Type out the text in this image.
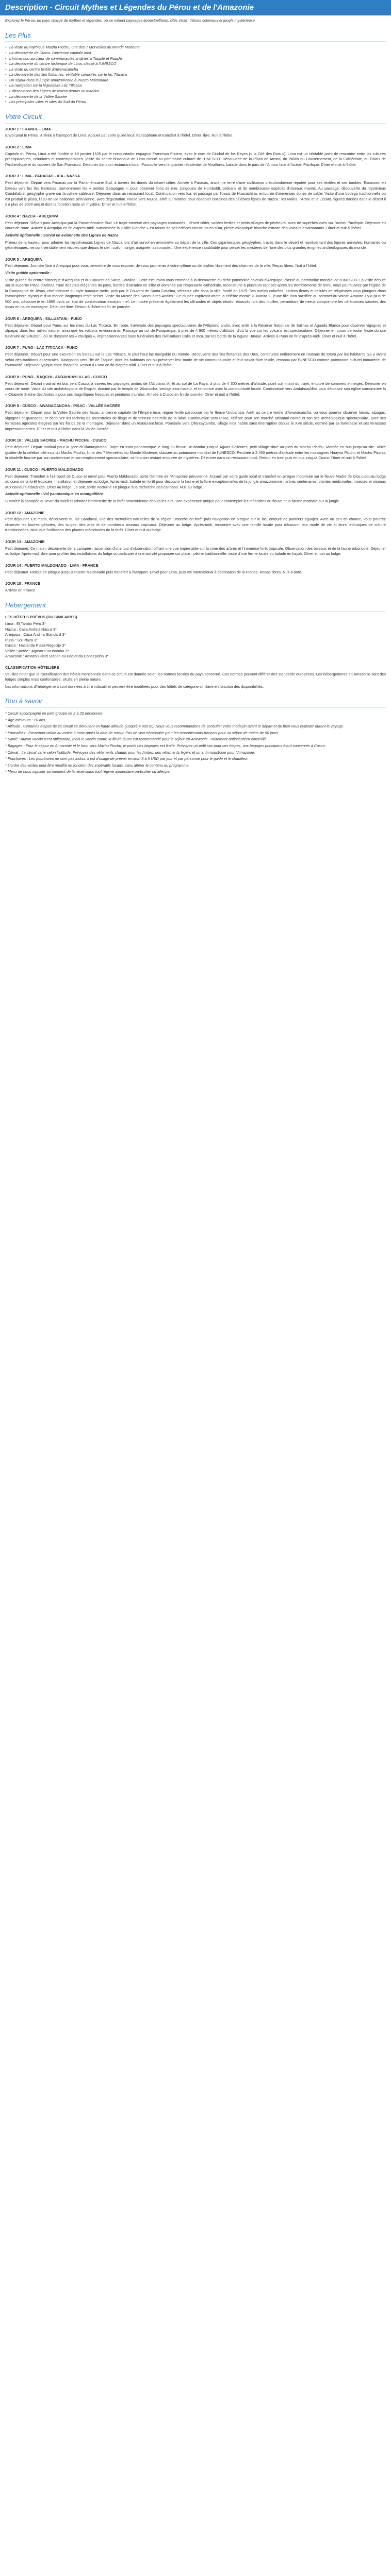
Description - Circuit Mythes et Légendes du Pérou et de l'Amazonie

Explorez le Pérou, un pays chargé de mythes et légendes, où se mêlent paysages époustouflants, cités incas, trésors coloniaux et jungle mystérieuse.

Les Plus
• La visite du mythique Machu Picchu, une des 7 Merveilles du Monde Moderne
• La découverte de Cusco, l'ancienne capitale inca
• L'immersion au cœur de communautés andines à Taquile et Raqchi
• La découverte du centre historique de Lima, classé à l'UNESCO
• La visite du centre textile d'Awanacancha
• La découverte des îles flottantes, véritable curiosités sur le lac Titicaca
• Un séjour dans la jungle amazonienne à Puerto Maldonado
• La navigation sur la légendaire Lac Titicaca
• L'observation des Lignes de Nazca depuis un mirador
• La découverte de la Vallée Sacrée
• Les principales villes et sites du Sud du Pérou
Votre Circuit
JOUR 1 : FRANCE - LIMA

Envol pour le Pérou. Arrivée à l'aéroport de Lima. Accueil par votre guide local francophone et transfert à l'hôtel. Dîner libre. Nuit à l'hôtel.

JOUR 2 : LIMA

Capitale du Pérou, Lima a été fondée le 18 janvier 1535 par le conquistador espagnol Francisco Pizarro, avec le nom de Ciudad de los Reyes (« la Cité des Rois »). Lima est un véritable point de rencontre entre les cultures préhispaniques, coloniales et contemporaines. Visite du centre historique de Lima classé au patrimoine culturel de l'UNESCO. Découverte de la Plaza de Armas, du Palais du Gouvernement, de la Cathédrale, du Palais de l'Archevêque et du couvent de San Francisco. Déjeuner dans un restaurant local. Poursuite vers le quartier résidentiel de Miraflores, balade dans le parc de l'Amour face à l'océan Pacifique. Dîner et nuit à l'hôtel.

JOUR 3 : LIMA - PARACAS - ICA - NAZCA

Petit déjeuner. Départ vers Paracas par la Panaméricaine Sud, à travers les dunes du désert côtier. Arrivée à Paracas, ancienne terre d'une civilisation précolombienne réputée pour ses textiles et ses tombes. Excursion en bateau vers les îles Ballestas, surnommées les « petites Galapagos », pour observer lions de mer, pingouins de Humboldt, pélicans et de nombreuses espèces d'oiseaux marins. Au passage, découverte du mystérieux Candélabre, géoglyphe gravé sur la colline sableuse. Déjeuner dans un restaurant local. Continuation vers Ica, et passage par l'oasis de Huacachina, entourée d'immenses dunes de sable. Visite d'une bodega traditionnelle où est produit le pisco, l'eau-de-vie nationale péruvienne, avec dégustation. Route vers Nazca, arrêt au mirador pour observer certaines des célèbres lignes de Nazca : les Mains, l'Arbre et le Lézard, figures tracées dans le désert il y a plus de 2000 ans et dont la fonction reste un mystère. Dîner et nuit à l'hôtel.

JOUR 4 : NAZCA - AREQUIPA

Petit déjeuner. Départ pour Arequipa par la Panaméricaine Sud. Le trajet traverse des paysages contrastés : désert côtier, vallées fertiles et petits villages de pêcheurs, avec de superbes vues sur l'océan Pacifique. Déjeuner en cours de route. Arrivée à Arequipa en fin d'après-midi, surnommée la « Ville Blanche » en raison de ses édifices construits en sillar, pierre volcanique blanche extraite des volcans environnants. Dîner et nuit à l'hôtel.

Activité optionnelle : Survol en avionnette des Lignes de Nazca

Prenez de la hauteur pour admirer les mystérieuses Lignes de Nazca lors d'un survol en avionnette au départ de la ville. Ces gigantesques géoglyphes, tracés dans le désert et représentant des figures animales, humaines ou géométriques, ne sont véritablement visibles que depuis le ciel : colibri, singe, araignée, astronaute... Une expérience inoubliable pour percer les mystères de l'une des plus grandes énigmes archéologiques du monde.

JOUR 5 : AREQUIPA

Petit déjeuner. Journée libre à Arequipa pour vous permettre de vous reposer, de vous promener à votre rythme ou de profiter librement des charmes de la ville. Repas libres. Nuit à l'hôtel.

Visite guidée optionnelle :

Visite guidée du centre historique d'Arequipa et du Couvent de Santa Catalina : Cette excursion vous emmène à la découverte du riche patrimoine colonial d'Arequipa, classé au patrimoine mondial de l'UNESCO. La visite débute sur la superbe Place d'Armes, l'une des plus élégantes du pays, bordée d'arcades en sillar et dominée par l'imposante cathédrale, reconstruite à plusieurs reprises après les tremblements de terre. Vous poursuivrez par l'église de la Compagnie de Jésus, chef-d'œuvre du style baroque métis, puis par le Couvent de Santa Catalina, véritable ville dans la ville, fondé en 1579. Ses ruelles colorées, cloîtres fleuris et cellules de religieuses vous plongent dans l'atmosphère mystique d'un monde longtemps resté secret. Visite du Musée des Sanctuaires Andins : Ce musée captivant abrite la célèbre momie « Juanita », jeune fille inca sacrifiée au sommet du volcan Ampato il y a plus de 500 ans, découverte en 1995 dans un état de conservation exceptionnel. Le musée présente également les offrandes et objets rituels retrouvés lors des fouilles, permettant de mieux comprendre les cérémonies sacrées des Incas en haute montagne. Déjeuner libre. Retour à l'hôtel en fin de journée.

JOUR 6 : AREQUIPA - SILLUSTANI - PUNO

Petit déjeuner. Départ pour Puno, sur les rives du Lac Titicaca. En route, traversée des paysages spectaculaires de l'Altiplano andin, avec arrêt à la Réserve Nationale de Salinas et Aguada Blanca pour observer vigognes et alpagas dans leur milieu naturel, ainsi que les volcans environnants. Passage au col de Patapampa, à près de 4 900 mètres d'altitude, d'où la vue sur les volcans est spectaculaire. Déjeuner en cours de route. Visite du site funéraire de Sillustani, où se dressent les « chullpas », impressionnantes tours funéraires des civilisations Colla et Inca, sur les bords de la lagune Umayo. Arrivée à Puno en fin d'après-midi. Dîner et nuit à l'hôtel.

JOUR 7 : PUNO - LAC TITICACA - PUNO

Petit déjeuner. Départ pour une excursion en bateau sur le Lac Titicaca, le plus haut lac navigable du monde. Découverte des îles flottantes des Uros, construites entièrement en roseaux de totora par les habitants qui y vivent selon des traditions ancestrales. Navigation vers l'île de Taquile, dont les habitants ont su préserver leur mode de vie communautaire et leur savoir-faire textile, reconnu par l'UNESCO comme patrimoine culturel immatériel de l'humanité. Déjeuner typique chez l'habitant. Retour à Puno en fin d'après-midi. Dîner et nuit à l'hôtel.

JOUR 8 : PUNO - RAQCHI - ANDAHUAYLILLAS - CUSCO

Petit déjeuner. Départ matinal en bus vers Cusco, à travers les paysages andins de l'Altiplano. Arrêt au col de La Raya, à plus de 4 300 mètres d'altitude, point culminant du trajet, entouré de sommets enneigés. Déjeuner en cours de route. Visite du site archéologique de Raqchi, dominé par le temple de Wiracocha, vestige inca majeur, et rencontre avec la communauté locale. Continuation vers Andahuaylillas pour découvrir son église surnommée la « Chapelle Sixtine des Andes » pour ses magnifiques fresques et peintures murales. Arrivée à Cusco en fin de journée. Dîner et nuit à l'hôtel.

JOUR 9 : CUSCO - AWANACANCHA - PISAC - VALLÉE SACRÉE

Petit déjeuner. Départ pour la Vallée Sacrée des Incas, ancienne capitale de l'Empire inca, région fertile parcourue par le fleuve Urubamba. Arrêt au centre textile d'Awanacancha, où vous pourrez observer lamas, alpagas, vigognes et guanacos, et découvrir les techniques ancestrales de filage et de teinture naturelle de la laine. Continuation vers Pisac, célèbre pour son marché artisanal coloré et son site archéologique spectaculaire, avec ses terrasses agricoles étagées sur les flancs de la montagne. Déjeuner dans un restaurant local. Poursuite vers Ollantaytambo, village inca habité sans interruption depuis le XVe siècle, dominé par sa forteresse et ses terrasses impressionnantes. Dîner et nuit à l'hôtel dans la Vallée Sacrée.

JOUR 10 : VALLÉE SACRÉE - MACHU PICCHU - CUSCO

Petit déjeuner. Départ matinal pour la gare d'Ollantaytambo. Trajet en train panoramique le long du fleuve Urubamba jusqu'à Aguas Calientes, petit village situé au pied du Machu Picchu. Montée en bus jusqu'au site. Visite guidée de la célèbre cité inca du Machu Picchu, l'une des 7 Merveilles du Monde Moderne, classée au patrimoine mondial de l'UNESCO. Perchée à 2 430 mètres d'altitude entre les montagnes Huayna Picchu et Machu Picchu, la citadelle fascine par son architecture et son emplacement spectaculaire, sa fonction restant entourée de mystères. Déjeuner dans un restaurant local. Retour en train puis en bus jusqu'à Cusco. Dîner et nuit à l'hôtel.

JOUR 11 : CUSCO - PUERTO MALDONADO

Petit déjeuner. Transfert à l'aéroport de Cusco et envol pour Puerto Maldonado, porte d'entrée de l'Amazonie péruvienne. Accueil par votre guide local et transfert en pirogue motorisée sur le fleuve Madre de Dios jusqu'au lodge au cœur de la forêt tropicale. Installation et déjeuner au lodge. Après-midi, balade en forêt pour découvrir la faune et la flore exceptionnelles de la jungle amazonienne : arbres centenaires, plantes médicinales, insectes et oiseaux aux couleurs éclatantes. Dîner au lodge. Le soir, sortie nocturne en pirogue à la recherche des caïmans. Nuit au lodge.

Activité optionnelle : Vol panoramique en montgolfière

Survolez la canopée au lever du soleil et admirez l'immensité de la forêt amazonienne depuis les airs. Une expérience unique pour contempler les méandres du fleuve et la brume matinale sur la jungle.

JOUR 12 : AMAZONIE

Petit déjeuner. Ce matin, découverte du lac Sandoval, une des merveilles naturelles de la région : marche en forêt puis navigation en pirogue sur le lac, entouré de palmiers aguajes. Avec un peu de chance, vous pourrez observer les loutres géantes, des singes, des aras et de nombreux oiseaux tropicaux. Déjeuner au lodge. Après-midi, rencontre avec une famille locale pour découvrir leur mode de vie et leurs techniques de culture traditionnelles, ainsi que l'utilisation des plantes médicinales de la forêt. Dîner et nuit au lodge.

JOUR 13 : AMAZONIE

Petit déjeuner. Ce matin, découverte de la canopée : ascension d'une tour d'observation offrant une vue imprenable sur la cime des arbres et l'immense forêt tropicale. Observation des oiseaux et de la faune arboricole. Déjeuner au lodge. Après-midi libre pour profiter des installations du lodge ou participer à une activité proposée sur place : pêche traditionnelle, visite d'une ferme locale ou balade en kayak. Dîner et nuit au lodge.

JOUR 14 : PUERTO MALDONADO - LIMA - FRANCE

Petit déjeuner. Retour en pirogue jusqu'à Puerto Maldonado puis transfert à l'aéroport. Envol pour Lima, puis vol international à destination de la France. Repas libres. Nuit à bord.

JOUR 15 : FRANCE

Arrivée en France.

Hébergement
LES HÔTELS PRÉVUS (OU SIMILAIRES)
Lima : El Tambo Peru 3*
Nazca : Casa Andina Nasca 3*
Arequipa : Casa Andina Standard 3*
Puno : Sol Plaza 3*
Cusco : Hacienda Plaza Regocijo 3*
Vallée Sacrée : Agusto's Urubamba 3*
Amazonie : Amazon Field Station ou Hacienda Concepción 3*
CLASSIFICATION HÔTELIÈRE

Veuillez noter que la classification des hôtels mentionnée dans ce circuit est donnée selon les normes locales du pays concerné. Ces normes peuvent différer des standards européens. Les hébergements en Amazonie sont des lodges simples mais confortables, situés en pleine nature.

Les informations d'hébergement sont données à titre indicatif et peuvent être modifiées pour des hôtels de catégorie similaire en fonction des disponibilités.

Bon à savoir
* Circuit accompagné en petit groupe de 2 à 20 personnes.
* Âge minimum : 10 ans.
* Altitude : Certaines étapes de ce circuit se déroulent en haute altitude (jusqu'à 4 900 m). Nous vous recommandons de consulter votre médecin avant le départ et de bien vous hydrater durant le voyage.
* Formalités : Passeport valide au moins 6 mois après la date de retour. Pas de visa nécessaire pour les ressortissants français pour un séjour de moins de 90 jours.
* Santé : Aucun vaccin n'est obligatoire, mais le vaccin contre la fièvre jaune est recommandé pour le séjour en Amazonie. Traitement antipaludéen conseillé.
* Bagages : Pour le séjour en Amazonie et le train vers Machu Picchu, le poids des bagages est limité. Prévoyez un petit sac pour ces étapes, vos bagages principaux étant conservés à Cusco.
* Climat : Le climat varie selon l'altitude. Prévoyez des vêtements chauds pour les Andes, des vêtements légers et un anti-moustique pour l'Amazonie.
* Pourboires : Les pourboires ne sont pas inclus. Il est d'usage de prévoir environ 3 à 5 USD par jour et par personne pour le guide et le chauffeur.
* L'ordre des visites peut être modifié en fonction des impératifs locaux, sans altérer le contenu du programme.
* Merci de nous signaler au moment de la réservation tout régime alimentaire particulier ou allergie.
